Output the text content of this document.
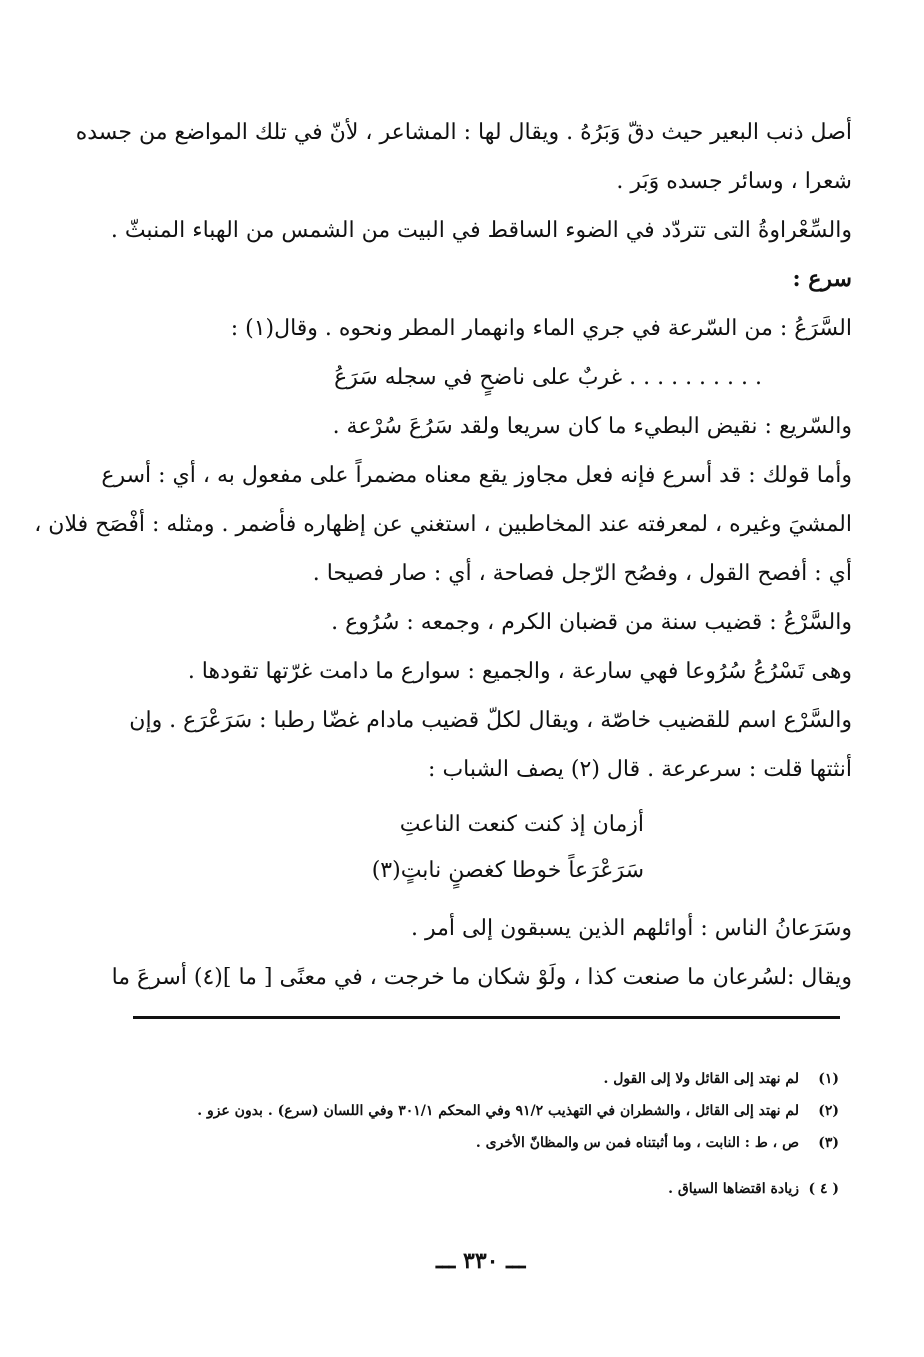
أصل ذنب البعير حيث دقّ وَبَرُهُ . ويقال لها : المشاعر ، لأنّ في تلك المواضع من جسده
شعرا ، وسائر جسده وَبَر .
والسِّعْراوةُ التى تتردّد في الضوء الساقط في البيت من الشمس من الهباء المنبثّ .
سرع :
السَّرَعُ : من السّرعة في جري الماء وانهمار المطر ونحوه . وقال(١) :
. . . . . . . . . . غربٌ على ناضحٍ في سجله سَرَعُ
والسّريع : نقيض البطيء ما كان سريعا ولقد سَرُعَ سُرْعة .
وأما قولك : قد أسرع فإنه فعل مجاوز يقع معناه مضمراً على مفعول به ، أي : أسرع
المشيَ وغيره ، لمعرفته عند المخاطبين ، استغني عن إظهاره فأضمر . ومثله : أفْصَح فلان ،
أي : أفصح القول ، وفصُح الرّجل فصاحة ، أي : صار فصيحا .
والسَّرْعُ : قضيب سنة من قضبان الكرم ، وجمعه : سُرُوع .
وهى تَسْرُعُ سُرُوعا فهي سارعة ، والجميع : سوارع ما دامت غرّتها تقودها .
والسَّرْع اسم للقضيب خاصّة ، ويقال لكلّ قضيب مادام غضّا رطبا : سَرَعْرَع . وإن
أنثتها قلت : سرعرعة . قال (٢) يصف الشباب :
أزمان إذ كنت كنعت الناعتِ
سَرَعْرَعاً خوطا كغصنٍ نابتٍ(٣)
وسَرَعانُ الناس : أوائلهم الذين يسبقون إلى أمر .
ويقال :لسُرعان ما صنعت كذا ، ولَوْ شكان ما خرجت ، في معنًى [ ما ](٤) أسرعَ ما
(١)
لم نهتد إلى القائل ولا إلى القول .
(٢)
لم نهتد إلى القائل ، والشطران في التهذيب ٩١/٢ وفي المحكم ٣٠١/١ وفي اللسان (سرع) . بدون عزو .
(٣)
ص ، ط : النابت ، وما أثبتناه فمن س والمظانّ الأخرى .
( ٤ )
زيادة اقتضاها السياق .
ـــ ٣٣٠ ـــ
